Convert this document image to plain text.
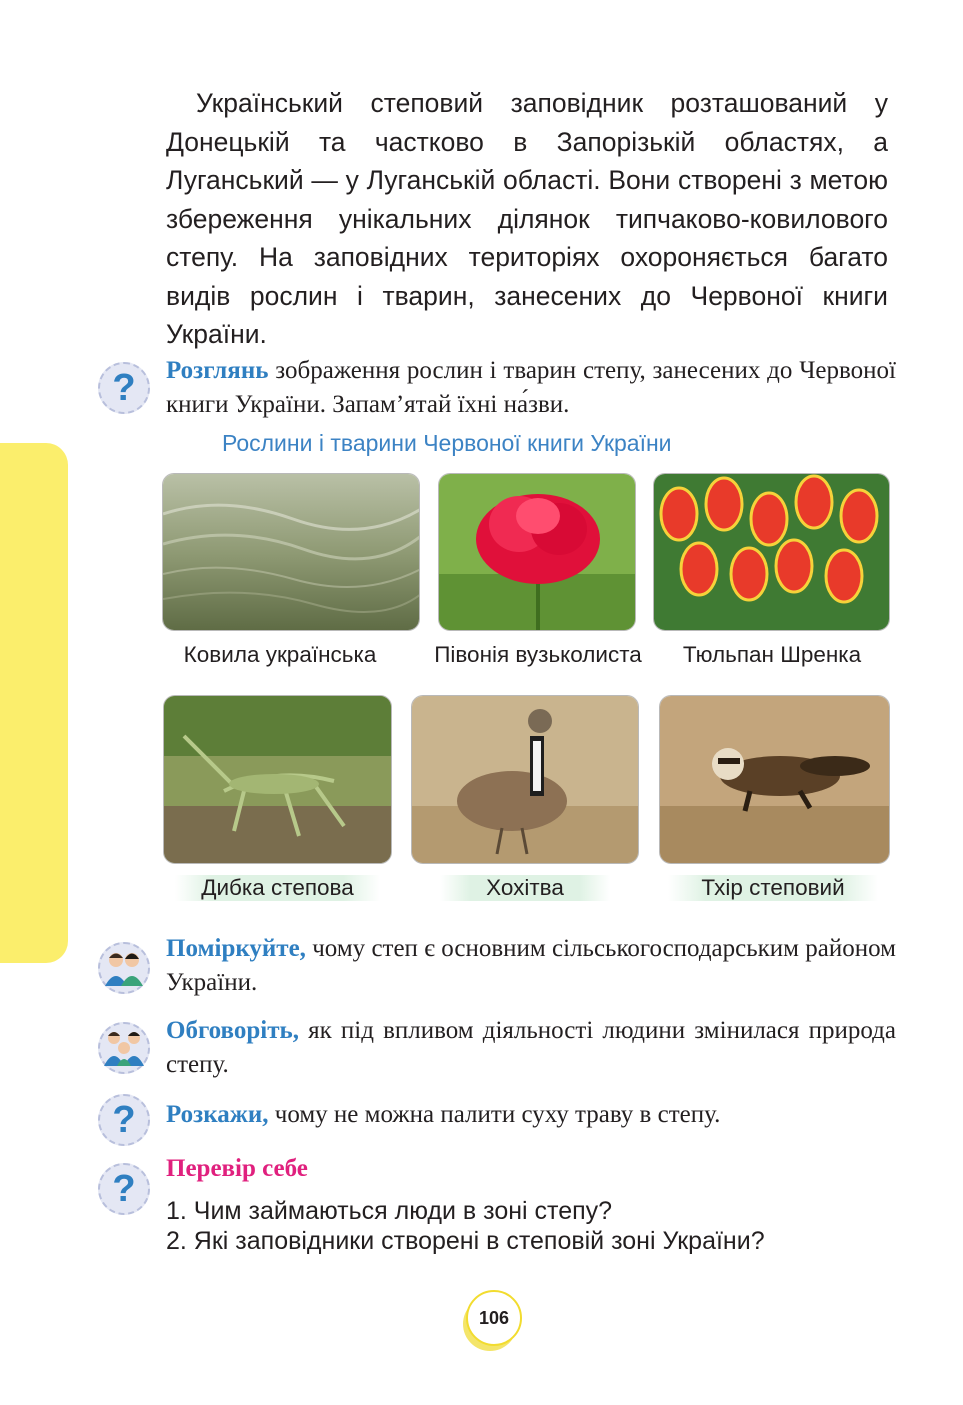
Український степовий заповідник розташований у Донецькій та частково в Запорізькій областях, а Луганський — у Луганській області. Вони створені з метою збереження унікальних ділянок типчаково-ковилового степу. На заповідних територіях охороняється багато видів рослин і тварин, занесених до Червоної книги України.

? Розглянь зображення рослин і тварин степу, занесених до Червоної книги України. Запам’ятай їхні на́зви.

Рослини і тварини Червоної книги України

Ковила українська	Півонія вузьколиста	Тюльпан Шренка
Дибка степова	Хохітва	Тхір степовий

Поміркуйте, чому степ є основним сільськогосподарським районом України.

Обговоріть, як під впливом діяльності людини змінилася природа степу.

? Розкажи, чому не можна палити суху траву в степу.

? Перевір себе

1. Чим займаються люди в зоні степу?
2. Які заповідники створені в степовій зоні України?
106
